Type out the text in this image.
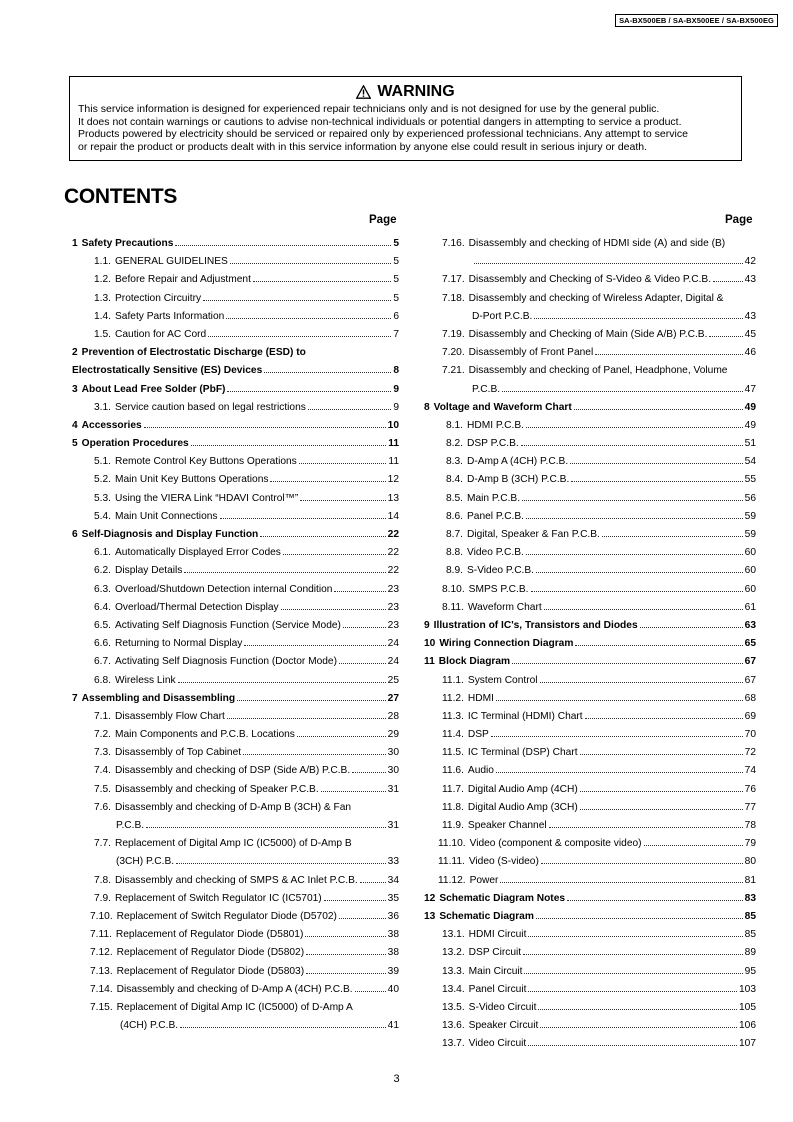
SA-BX500EB / SA-BX500EE / SA-BX500EG
WARNING
This service information is designed for experienced repair technicians only and is not designed for use by the general public.
It does not contain warnings or cautions to advise non-technical individuals or potential dangers in attempting to service a product.
Products powered by electricity should be serviced or repaired only by experienced professional technicians. Any attempt to service
or repair the product or products dealt with in this service information by anyone else could result in serious injury or death.
CONTENTS
Page	Page
1 Safety Precautions	5
1.1. GENERAL GUIDELINES	5
1.2. Before Repair and Adjustment	5
1.3. Protection Circuitry	5
1.4. Safety Parts Information	6
1.5. Caution for AC Cord	7
2 Prevention of Electrostatic Discharge (ESD) to
Electrostatically Sensitive (ES) Devices	8
3 About Lead Free Solder (PbF)	9
3.1. Service caution based on legal restrictions	9
4 Accessories	10
5 Operation Procedures	11
5.1. Remote Control Key Buttons Operations	11
5.2. Main Unit Key Buttons Operations	12
5.3. Using the VIERA Link “HDAVI Control™”	13
5.4. Main Unit Connections	14
6 Self-Diagnosis and Display Function	22
6.1. Automatically Displayed Error Codes	22
6.2. Display Details	22
6.3. Overload/Shutdown Detection internal Condition	23
6.4. Overload/Thermal Detection Display	23
6.5. Activating Self Diagnosis Function (Service Mode)	23
6.6. Returning to Normal Display	24
6.7. Activating Self Diagnosis Function (Doctor Mode)	24
6.8. Wireless Link	25
7 Assembling and Disassembling	27
7.1. Disassembly Flow Chart	28
7.2. Main Components and P.C.B. Locations	29
7.3. Disassembly of Top Cabinet	30
7.4. Disassembly and checking of DSP (Side A/B) P.C.B.	30
7.5. Disassembly and checking of Speaker P.C.B.	31
7.6. Disassembly and checking of D-Amp B (3CH) & Fan
P.C.B.	31
7.7. Replacement of Digital Amp IC (IC5000) of D-Amp B
(3CH) P.C.B.	33
7.8. Disassembly and checking of SMPS & AC Inlet P.C.B.	34
7.9. Replacement of Switch Regulator IC (IC5701)	35
7.10. Replacement of Switch Regulator Diode (D5702)	36
7.11. Replacement of Regulator Diode (D5801)	38
7.12. Replacement of Regulator Diode (D5802)	38
7.13. Replacement of Regulator Diode (D5803)	39
7.14. Disassembly and checking of D-Amp A (4CH) P.C.B.	40
7.15. Replacement of Digital Amp IC (IC5000) of D-Amp A
(4CH) P.C.B.	41
7.16. Disassembly and checking of HDMI side (A) and side (B)
42
7.17. Disassembly and Checking of S-Video & Video P.C.B.	43
7.18. Disassembly and checking of Wireless Adapter, Digital &
D-Port P.C.B.	43
7.19. Disassembly and Checking of Main (Side A/B) P.C.B.	45
7.20. Disassembly of Front Panel	46
7.21. Disassembly and checking of Panel, Headphone, Volume
P.C.B.	47
8 Voltage and Waveform Chart	49
8.1. HDMI P.C.B.	49
8.2. DSP P.C.B.	51
8.3. D-Amp A (4CH) P.C.B.	54
8.4. D-Amp B (3CH) P.C.B.	55
8.5. Main P.C.B.	56
8.6. Panel P.C.B.	59
8.7. Digital, Speaker & Fan P.C.B.	59
8.8. Video P.C.B.	60
8.9. S-Video P.C.B.	60
8.10. SMPS P.C.B.	60
8.11. Waveform Chart	61
9 Illustration of IC's, Transistors and Diodes	63
10 Wiring Connection Diagram	65
11 Block Diagram	67
11.1. System Control	67
11.2. HDMI	68
11.3. IC Terminal (HDMI) Chart	69
11.4. DSP	70
11.5. IC Terminal (DSP) Chart	72
11.6. Audio	74
11.7. Digital Audio Amp (4CH)	76
11.8. Digital Audio Amp (3CH)	77
11.9. Speaker Channel	78
11.10. Video (component & composite video)	79
11.11. Video (S-video)	80
11.12. Power	81
12 Schematic Diagram Notes	83
13 Schematic Diagram	85
13.1. HDMI Circuit	85
13.2. DSP Circuit	89
13.3. Main Circuit	95
13.4. Panel Circuit	103
13.5. S-Video Circuit	105
13.6. Speaker Circuit	106
13.7. Video Circuit	107
3
